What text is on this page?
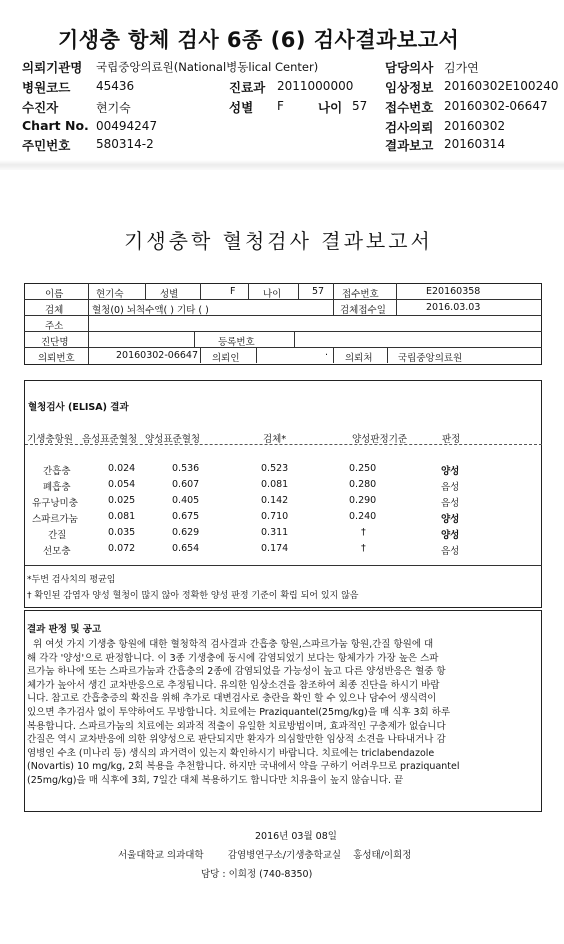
기생충 항체 검사 6종 (6) 검사결과보고서
의뢰기관명 국립중앙의료원(National병동lical Center)	담당의사 김가연
병원코드 45436	진료과 2011000000	임상정보 20160302E100240
수진자	현기숙	성별 F	나이 57 접수번호 20160302-06647
Chart No. 00494247	검사의뢰 20160302
주민번호 580314-2	결과보고 20160314
기생충학 혈청검사 결과보고서
이름	현기숙	성별	F	나이	57 접수번호	E20160358
검체	혈청(0) 뇌척수액( ) 기타 ( )	검체접수일	2016.03.03
주소
진단명	등록번호
의뢰번호	20160302-06647 의뢰인	· 의뢰처	국립중앙의료원
혈청검사 (ELISA) 결과
기생충항원 음성표준혈청 양성표준혈청	검체*	양성판정기준	판정
간흡충	0.024	0.536	0.523	0.250	양성
폐흡충	0.054	0.607	0.081	0.280	음성
유구낭미충	0.025	0.405	0.142	0.290	음성
스파르가눔	0.081	0.675	0.710	0.240	양성
간질	0.035	0.629	0.311	†	양성
선모충	0.072	0.654	0.174	†	음성
*두번 검사치의 평균임
† 확인된 감염자 양성 혈청이 많지 않아 정확한 양성 판정 기준이 확립 되어 있지 않음
결과 판정 및 공고
위 여섯 가지 기생충 항원에 대한 혈청학적 검사결과 간흡충 항원,스파르가눔 항원,간질 항원에 대
해 각각 '양성'으로 판정합니다. 이 3종 기생충에 동시에 감염되었기 보다는 항체가가 가장 높은 스파
르가눔 하나에 또는 스파르가눔과 간흡충의 2종에 감염되었을 가능성이 높고 다른 양성반응은 혈중 항
체가가 높아서 생긴 교차반응으로 추정됩니다. 유의한 임상소견을 참조하여 최종 진단을 하시기 바랍
니다. 참고로 간흡충증의 확진을 위해 추가로 대변검사로 충란을 확인 할 수 있으나 담수어 생식력이
있으면 추가검사 없이 투약하여도 무방합니다. 치료에는 Praziquantel(25mg/kg)을 매 식후 3회 하루
복용합니다. 스파르가눔의 치료에는 외과적 적출이 유일한 치료방법이며, 효과적인 구충제가 없습니다
간질은 역시 교차반응에 의한 위양성으로 판단되지만 환자가 의심할만한 임상적 소견을 나타내거나 감
염병인 수초 (미나리 등) 생식의 과거력이 있는지 확인하시기 바랍니다. 치료에는 triclabendazole
(Novartis) 10 mg/kg, 2회 복용을 추천합니다. 하지만 국내에서 약을 구하기 어려우므로 praziquantel
(25mg/kg)을 매 식후에 3회, 7일간 대체 복용하기도 합니다만 치유율이 높지 않습니다. 끝
2016년 03월 08일
서울대학교 의과대학        감염병연구소/기생충학교실    홍성태/이희정
담당 : 이희정 (740-8350)
